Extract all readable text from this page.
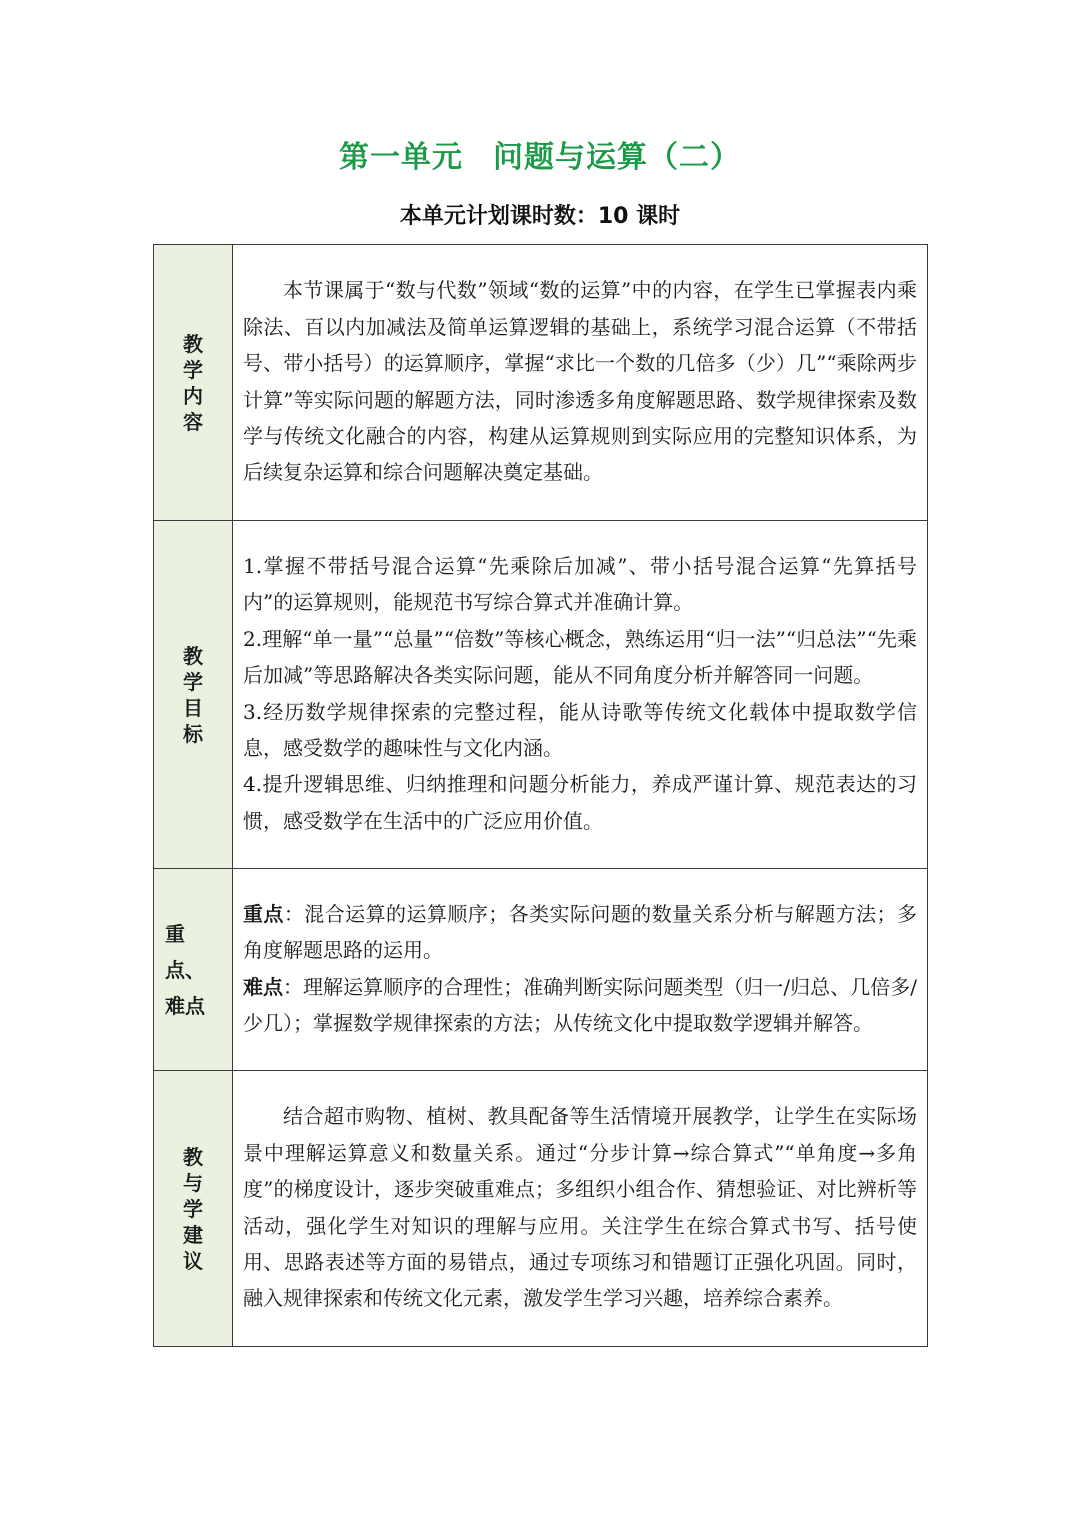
第一单元 问题与运算（二）
本单元计划课时数：10 课时
教学内容	本节课属于“数与代数”领域“数的运算”中的内容，在学生已掌握表内乘除法、百以内加减法及简单运算逻辑的基础上，系统学习混合运算（不带括号、带小括号）的运算顺序，掌握“求比一个数的几倍多（少）几”“乘除两步计算”等实际问题的解题方法，同时渗透多角度解题思路、数学规律探索及数学与传统文化融合的内容，构建从运算规则到实际应用的完整知识体系，为后续复杂运算和综合问题解决奠定基础。

教学目标	1.掌握不带括号混合运算“先乘除后加减”、带小括号混合运算“先算括号内”的运算规则，能规范书写综合算式并准确计算。

2.理解“单一量”“总量”“倍数”等核心概念，熟练运用“归一法”“归总法”“先乘后加减”等思路解决各类实际问题，能从不同角度分析并解答同一问题。

3.经历数学规律探索的完整过程，能从诗歌等传统文化载体中提取数学信息，感受数学的趣味性与文化内涵。

4.提升逻辑思维、归纳推理和问题分析能力，养成严谨计算、规范表达的习惯，感受数学在生活中的广泛应用价值。

重点、难点	重点：混合运算的运算顺序；各类实际问题的数量关系分析与解题方法；多角度解题思路的运用。

难点：理解运算顺序的合理性；准确判断实际问题类型（归一/归总、几倍多/少几）；掌握数学规律探索的方法；从传统文化中提取数学逻辑并解答。

教与学建议	结合超市购物、植树、教具配备等生活情境开展教学，让学生在实际场景中理解运算意义和数量关系。通过“分步计算→综合算式”“单角度→多角度”的梯度设计，逐步突破重难点；多组织小组合作、猜想验证、对比辨析等活动，强化学生对知识的理解与应用。关注学生在综合算式书写、括号使用、思路表述等方面的易错点，通过专项练习和错题订正强化巩固。同时，融入规律探索和传统文化元素，激发学生学习兴趣，培养综合素养。
